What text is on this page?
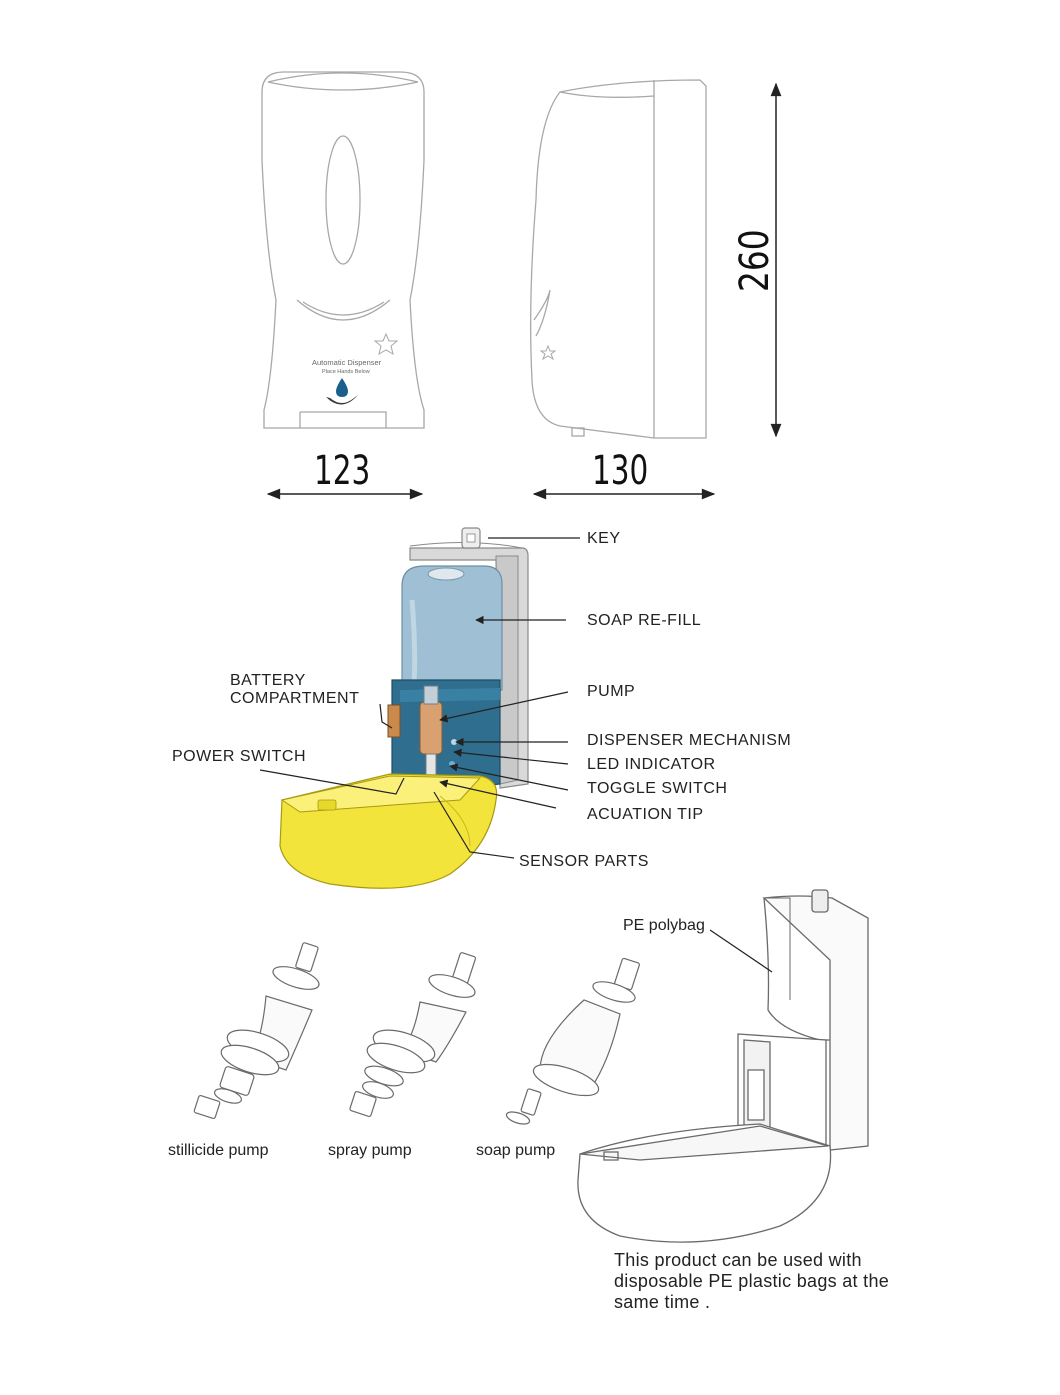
Automatic Dispenser
Place Hands Below
123	130
260
KEY
SOAP RE-FILL
BATTERY
COMPARTMENT	PUMP
DISPENSER MECHANISM
POWER SWITCH	LED INDICATOR
TOGGLE SWITCH
ACUATION TIP
SENSOR PARTS
PE polybag
stillicide pump	spray pump	soap pump
This product can be used with
disposable PE plastic bags at the
same time .
